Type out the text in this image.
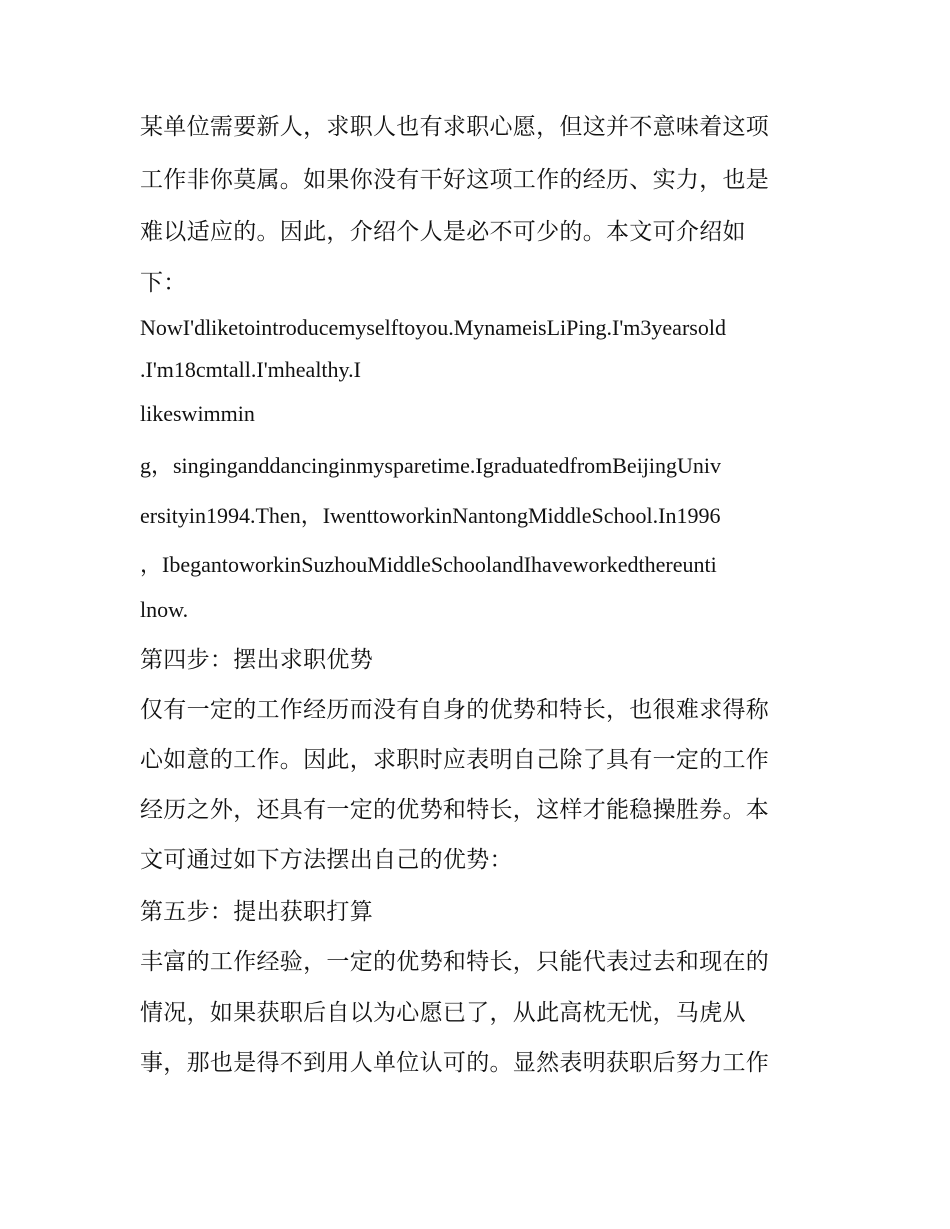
某单位需要新人，求职人也有求职心愿，但这并不意味着这项
工作非你莫属。如果你没有干好这项工作的经历、实力，也是
难以适应的。因此，介绍个人是必不可少的。本文可介绍如
下：
NowI'dliketointroducemyselftoyou.MynameisLiPing.I'm3yearsold
.I'm18cmtall.I'mhealthy.I
likeswimmin
g，singinganddancinginmysparetime.IgraduatedfromBeijingUniv
ersityin1994.Then，IwenttoworkinNantongMiddleSchool.In1996
，IbegantoworkinSuzhouMiddleSchoolandIhaveworkedthereunti
lnow.
第四步：摆出求职优势
仅有一定的工作经历而没有自身的优势和特长，也很难求得称
心如意的工作。因此，求职时应表明自己除了具有一定的工作
经历之外，还具有一定的优势和特长，这样才能稳操胜券。本
文可通过如下方法摆出自己的优势：
第五步：提出获职打算
丰富的工作经验，一定的优势和特长，只能代表过去和现在的
情况，如果获职后自以为心愿已了，从此高枕无忧，马虎从
事，那也是得不到用人单位认可的。显然表明获职后努力工作
